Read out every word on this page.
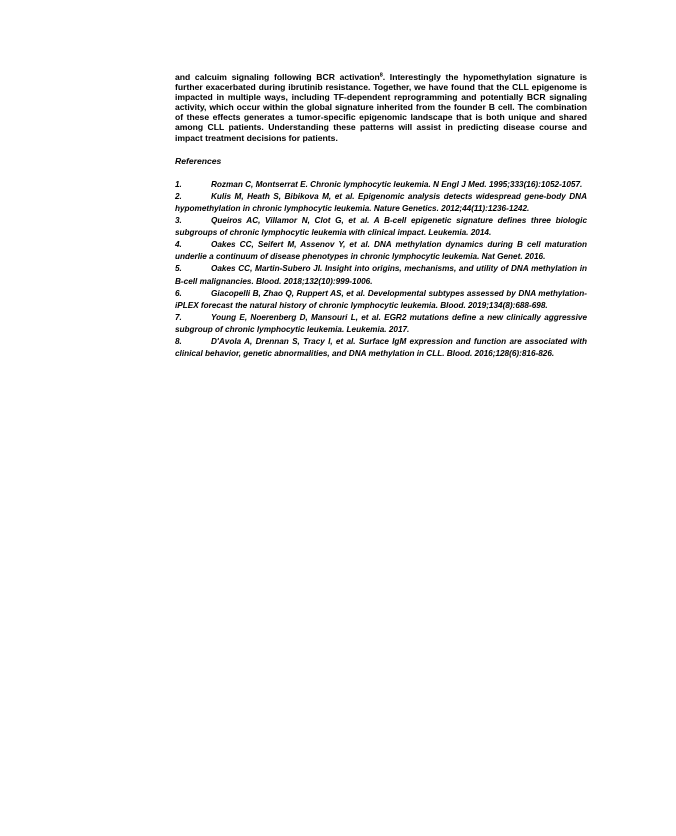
and calcuim signaling following BCR activation$^8$. Interestingly the hypomethylation signature is further exacerbated during ibrutinib resistance. Together, we have found that the CLL epigenome is impacted in multiple ways, including TF-dependent reprogramming and potentially BCR signaling activity, which occur within the global signature inherited from the founder B cell. The combination of these effects generates a tumor-specific epigenomic landscape that is both unique and shared among CLL patients. Understanding these patterns will assist in predicting disease course and impact treatment decisions for patients.

References
1.	Rozman C, Montserrat E. Chronic lymphocytic leukemia. N Engl J Med. 1995;333(16):1052-1057.
2.	Kulis M, Heath S, Bibikova M, et al. Epigenomic analysis detects widespread gene-body DNA hypomethylation in chronic lymphocytic leukemia. Nature Genetics. 2012;44(11):1236-1242.
3.	Queiros AC, Villamor N, Clot G, et al. A B-cell epigenetic signature defines three biologic subgroups of chronic lymphocytic leukemia with clinical impact. Leukemia. 2014.
4.	Oakes CC, Seifert M, Assenov Y, et al. DNA methylation dynamics during B cell maturation underlie a continuum of disease phenotypes in chronic lymphocytic leukemia. Nat Genet. 2016.
5.	Oakes CC, Martin-Subero JI. Insight into origins, mechanisms, and utility of DNA methylation in B-cell malignancies. Blood. 2018;132(10):999-1006.
6.	Giacopelli B, Zhao Q, Ruppert AS, et al. Developmental subtypes assessed by DNA methylation-iPLEX forecast the natural history of chronic lymphocytic leukemia. Blood. 2019;134(8):688-698.
7.	Young E, Noerenberg D, Mansouri L, et al. EGR2 mutations define a new clinically aggressive subgroup of chronic lymphocytic leukemia. Leukemia. 2017.
8.	D'Avola A, Drennan S, Tracy I, et al. Surface IgM expression and function are associated with clinical behavior, genetic abnormalities, and DNA methylation in CLL. Blood. 2016;128(6):816-826.
